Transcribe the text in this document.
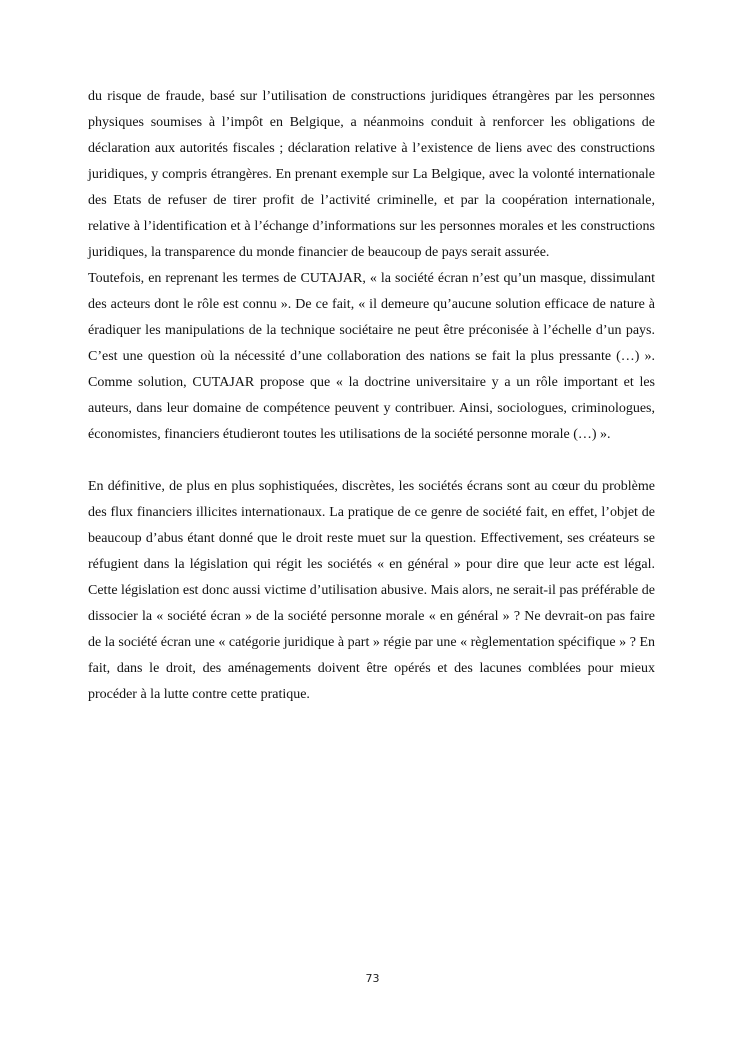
du risque de fraude, basé sur l’utilisation de constructions juridiques étrangères par les personnes physiques soumises à l’impôt en Belgique, a néanmoins conduit à renforcer les obligations de déclaration aux autorités fiscales ; déclaration relative à l’existence de liens avec des constructions juridiques, y compris étrangères. En prenant exemple sur La Belgique, avec la volonté internationale des Etats de refuser de tirer profit de l’activité criminelle, et par la coopération internationale, relative à l’identification et à l’échange d’informations sur les personnes morales et les constructions juridiques, la transparence du monde financier de beaucoup de pays serait assurée.

Toutefois, en reprenant les termes de CUTAJAR, « la société écran n’est qu’un masque, dissimulant des acteurs dont le rôle est connu ». De ce fait, « il demeure qu’aucune solution efficace de nature à éradiquer les manipulations de la technique sociétaire ne peut être préconisée à l’échelle d’un pays. C’est une question où la nécessité d’une collaboration des nations se fait la plus pressante (…) ». Comme solution, CUTAJAR propose que « la doctrine universitaire y a un rôle important et les auteurs, dans leur domaine de compétence peuvent y contribuer. Ainsi, sociologues, criminologues, économistes, financiers étudieront toutes les utilisations de la société personne morale (…) ».

En définitive, de plus en plus sophistiquées, discrètes, les sociétés écrans sont au cœur du problème des flux financiers illicites internationaux. La pratique de ce genre de société fait, en effet, l’objet de beaucoup d’abus étant donné que le droit reste muet sur la question. Effectivement, ses créateurs se réfugient dans la législation qui régit les sociétés « en général » pour dire que leur acte est légal. Cette législation est donc aussi victime d’utilisation abusive. Mais alors, ne serait-il pas préférable de dissocier la « société écran » de la société personne morale « en général » ? Ne devrait-on pas faire de la société écran une « catégorie juridique à part » régie par une « règlementation spécifique » ? En fait, dans le droit, des aménagements doivent être opérés et des lacunes comblées pour mieux procéder à la lutte contre cette pratique.

73
